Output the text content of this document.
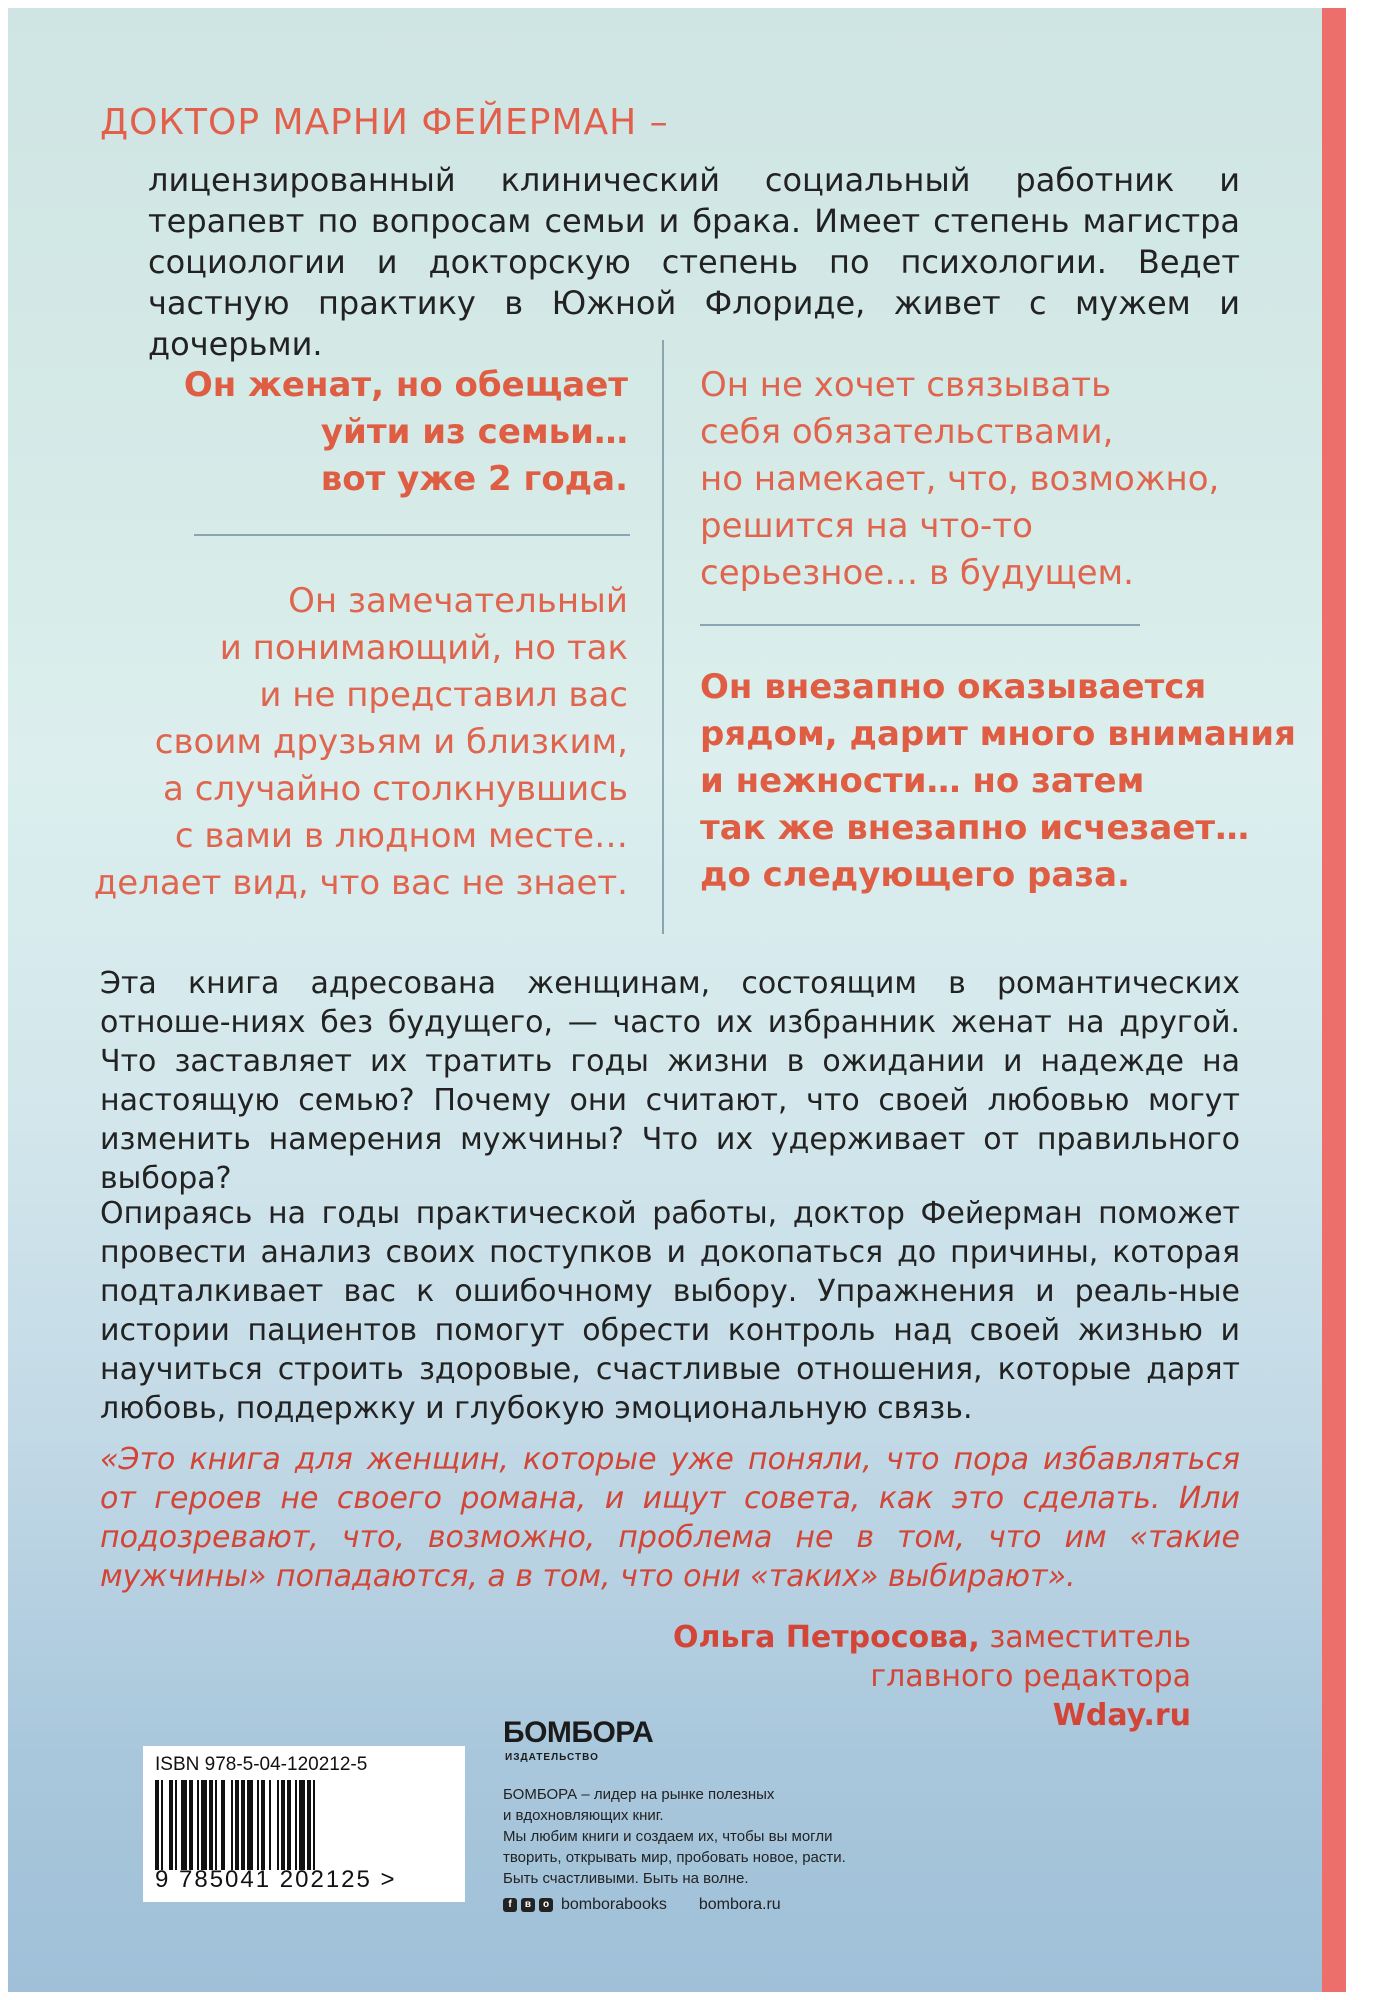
ДОКТОР МАРНИ ФЕЙЕРМАН –

лицензированный клинический социальный работник и терапевт по вопросам семьи и брака. Имеет степень магистра социологии и докторскую степень по психологии. Ведет частную практику в Южной Флориде, живет с мужем и дочерьми.

Он женат, но обещает
уйти из семьи…
вот уже 2 года.
Он замечательный
и понимающий, но так
и не представил вас
своим друзьям и близким,
а случайно столкнувшись
с вами в людном месте…
делает вид, что вас не знает.
Он не хочет связывать
себя обязательствами,
но намекает, что, возможно,
решится на что-то
серьезное… в будущем.
Он внезапно оказывается
рядом, дарит много внимания
и нежности… но затем
так же внезапно исчезает…
до следующего раза.

Эта книга адресована женщинам, состоящим в романтических отноше-ниях без будущего, — часто их избранник женат на другой. Что заставляет их тратить годы жизни в ожидании и надежде на настоящую семью? Почему они считают, что своей любовью могут изменить намерения мужчины? Что их удерживает от правильного выбора?

Опираясь на годы практической работы, доктор Фейерман поможет провести анализ своих поступков и докопаться до причины, которая подталкивает вас к ошибочному выбору. Упражнения и реаль-ные истории пациентов помогут обрести контроль над своей жизнью и научиться строить здоровые, счастливые отношения, которые дарят любовь, поддержку и глубокую эмоциональную связь.

«Это книга для женщин, которые уже поняли, что пора избавляться от героев не своего романа, и ищут совета, как это сделать. Или подозревают, что, возможно, проблема не в том, что им «такие мужчины» попадаются, а в том, что они «таких» выбирают».

Ольга Петросова, заместитель
главного редактора
Wday.ru
ISBN 978-5-04-120212-5
9 785041 202125 >
БОМБОРА
ИЗДАТЕЛЬСТВО
БОМБОРА – лидер на рынке полезных
и вдохновляющих книг.
Мы любим книги и создаем их, чтобы вы могли
творить, открывать мир, пробовать новое, расти.
Быть счастливыми. Быть на волне.
f	в	о bomborabooks bombora.ru
